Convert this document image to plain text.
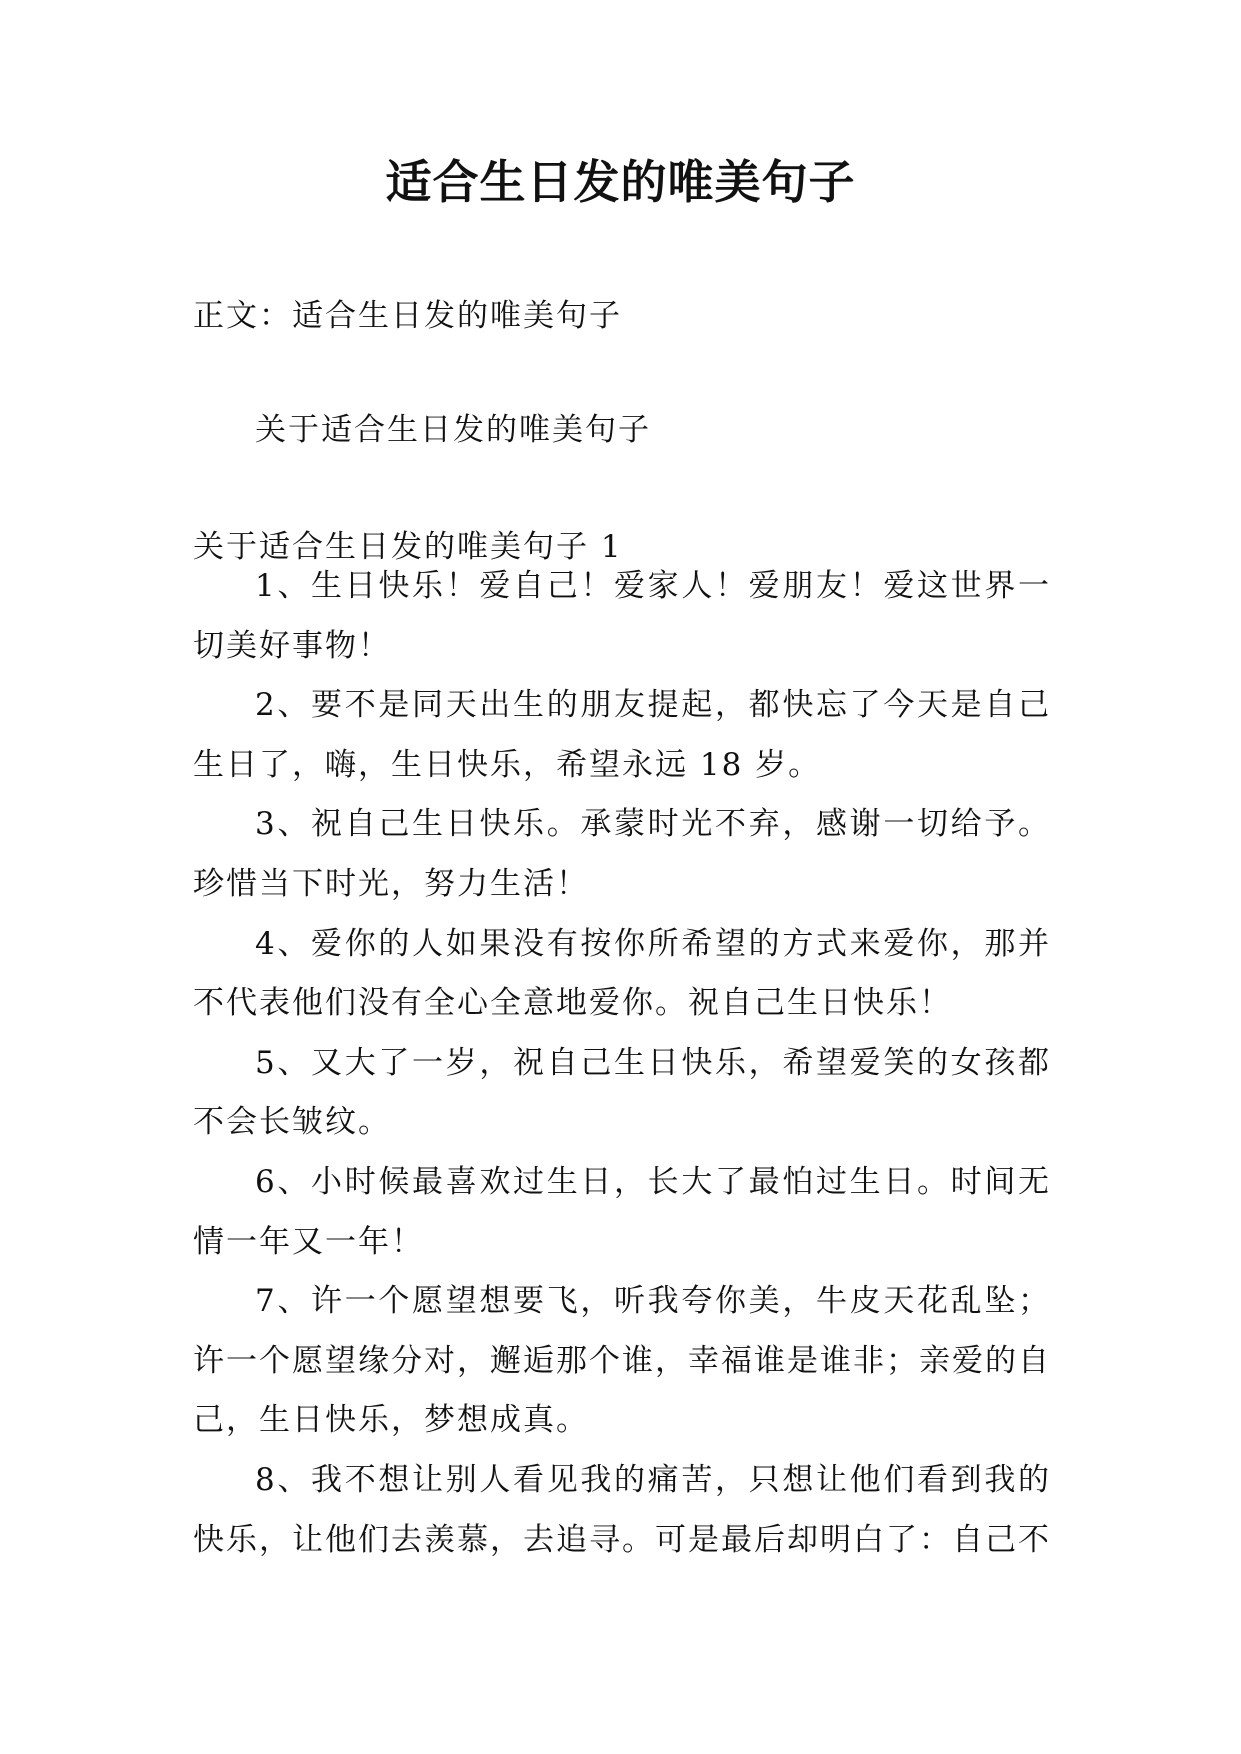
适合生日发的唯美句子
正文：适合生日发的唯美句子
关于适合生日发的唯美句子
关于适合生日发的唯美句子 1

1、生日快乐！爱自己！爱家人！爱朋友！爱这世界一切美好事物！

2、要不是同天出生的朋友提起，都快忘了今天是自己生日了，嗨，生日快乐，希望永远 18 岁。

3、祝自己生日快乐。承蒙时光不弃，感谢一切给予。珍惜当下时光，努力生活！

4、爱你的人如果没有按你所希望的方式来爱你，那并不代表他们没有全心全意地爱你。祝自己生日快乐！

5、又大了一岁，祝自己生日快乐，希望爱笑的女孩都不会长皱纹。

6、小时候最喜欢过生日，长大了最怕过生日。时间无情一年又一年！

7、许一个愿望想要飞，听我夸你美，牛皮天花乱坠；许一个愿望缘分对，邂逅那个谁，幸福谁是谁非；亲爱的自己，生日快乐，梦想成真。

8、我不想让别人看见我的痛苦，只想让他们看到我的快乐，让他们去羡慕，去追寻。可是最后却明白了：自己不
